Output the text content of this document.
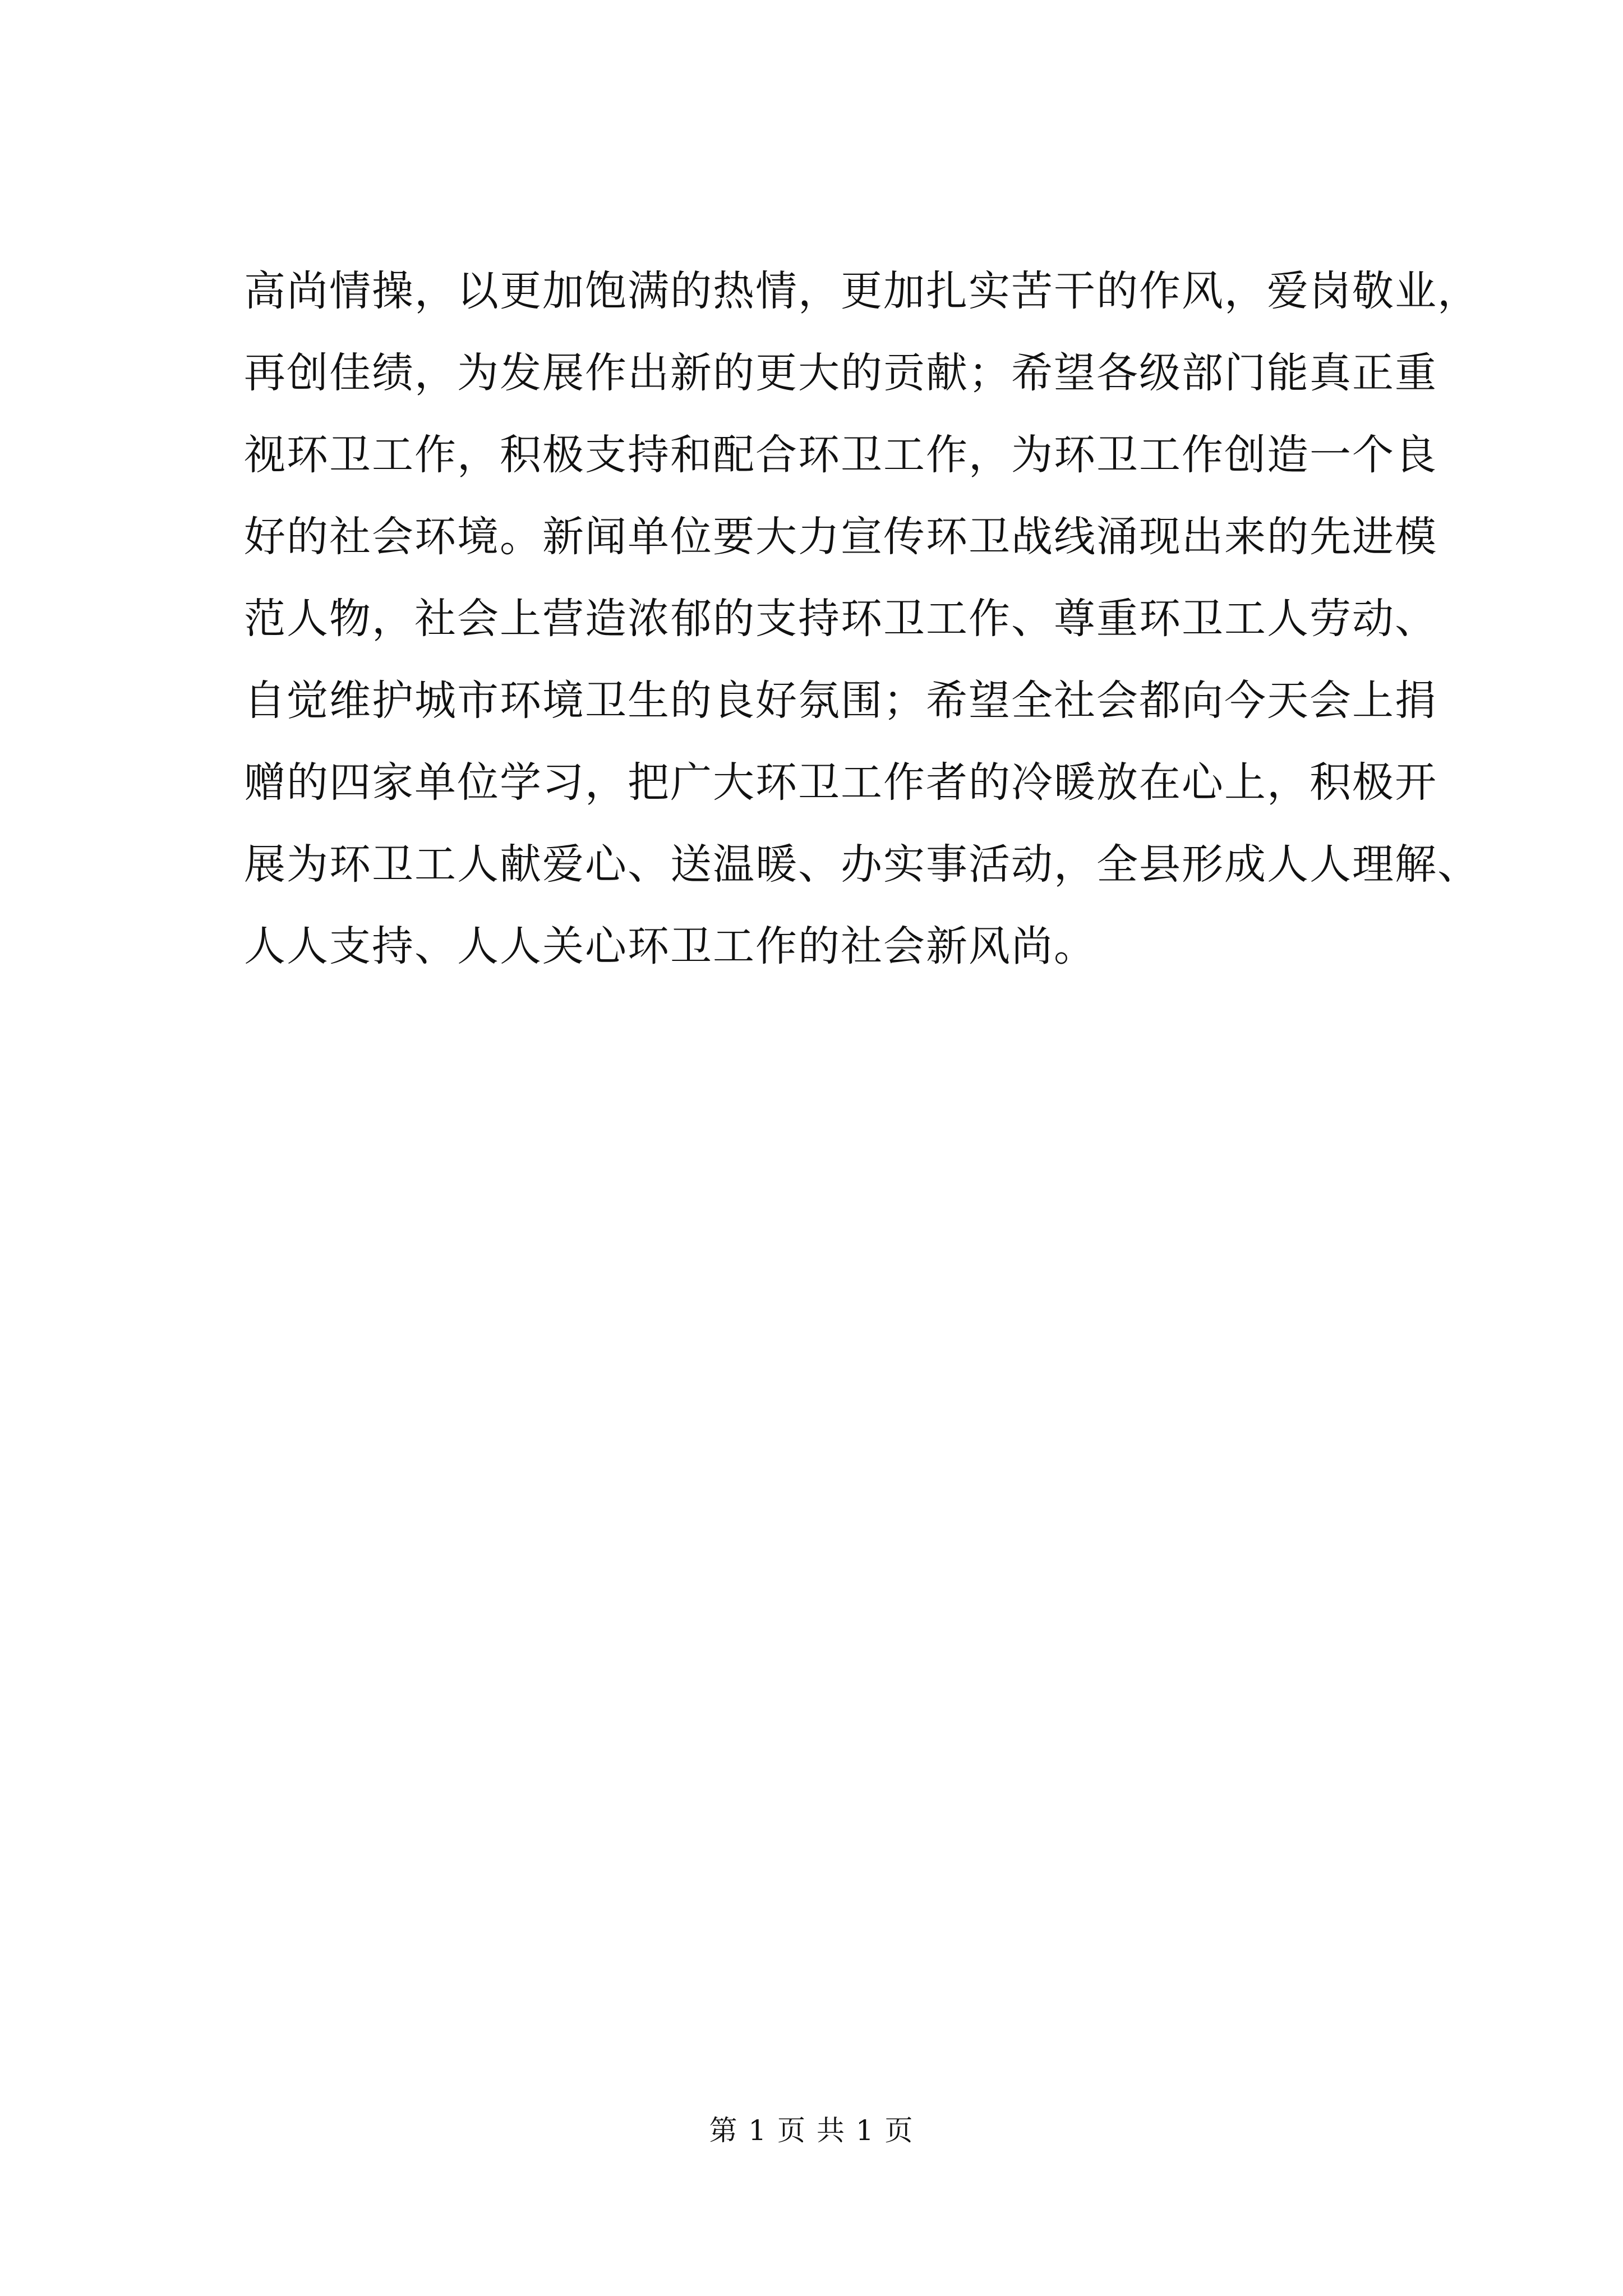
高尚情操，以更加饱满的热情，更加扎实苦干的作风，爱岗敬业，
再创佳绩，为发展作出新的更大的贡献；希望各级部门能真正重
视环卫工作，积极支持和配合环卫工作，为环卫工作创造一个良
好的社会环境。新闻单位要大力宣传环卫战线涌现出来的先进模
范人物，社会上营造浓郁的支持环卫工作、尊重环卫工人劳动、
自觉维护城市环境卫生的良好氛围；希望全社会都向今天会上捐
赠的四家单位学习，把广大环卫工作者的冷暖放在心上，积极开
展为环卫工人献爱心、送温暖、办实事活动，全县形成人人理解、
人人支持、人人关心环卫工作的社会新风尚。
第 1 页 共 1 页
